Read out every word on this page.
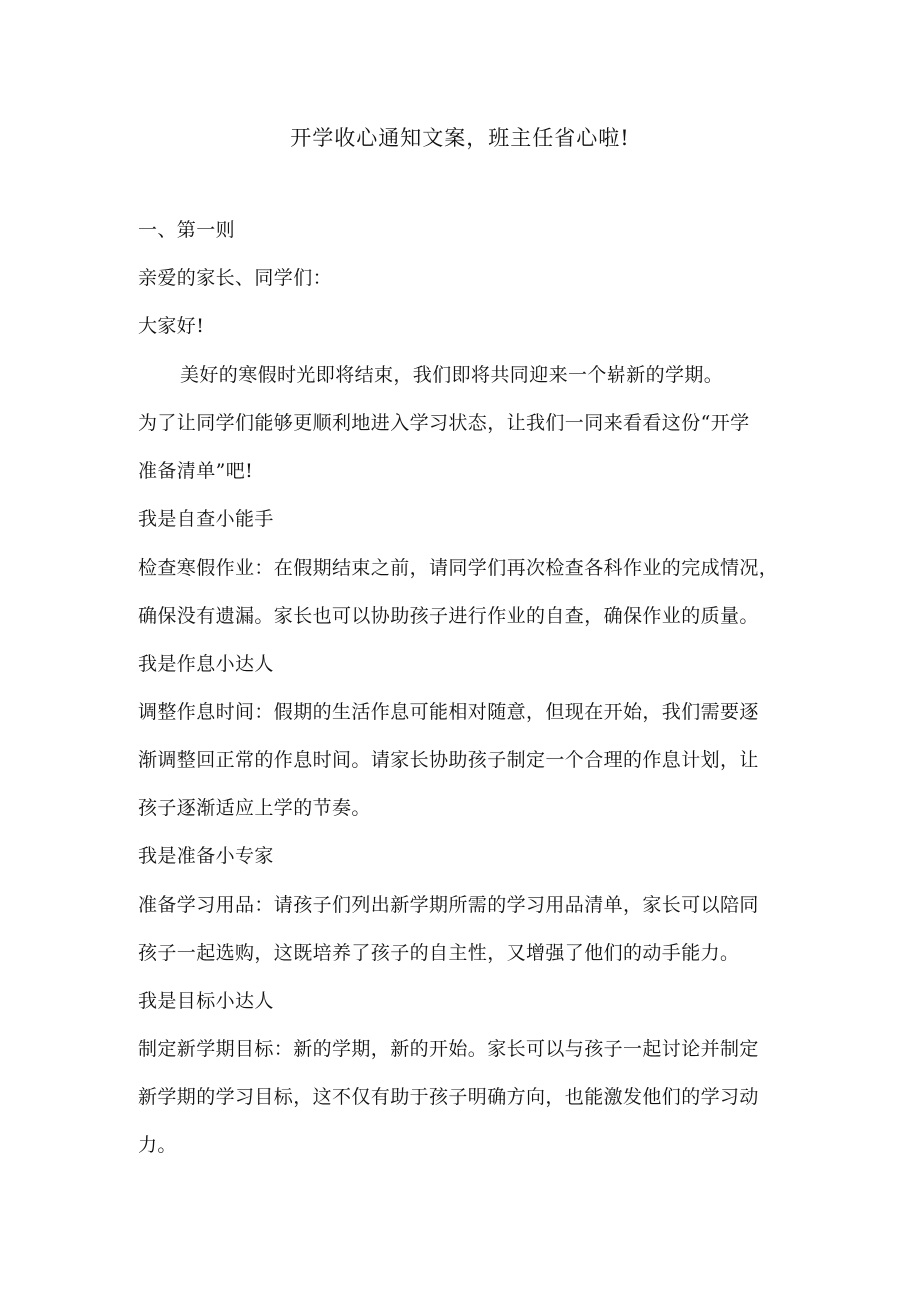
开学收心通知文案，班主任省心啦!
一、第一则
亲爱的家长、同学们：
大家好!
美好的寒假时光即将结束，我们即将共同迎来一个崭新的学期。
为了让同学们能够更顺利地进入学习状态，让我们一同来看看这份“开学
准备清单”吧!
我是自查小能手
检查寒假作业：在假期结束之前，请同学们再次检查各科作业的完成情况，
确保没有遗漏。家长也可以协助孩子进行作业的自查，确保作业的质量。
我是作息小达人
调整作息时间：假期的生活作息可能相对随意，但现在开始，我们需要逐
渐调整回正常的作息时间。请家长协助孩子制定一个合理的作息计划，让
孩子逐渐适应上学的节奏。
我是准备小专家
准备学习用品：请孩子们列出新学期所需的学习用品清单，家长可以陪同
孩子一起选购，这既培养了孩子的自主性，又增强了他们的动手能力。
我是目标小达人
制定新学期目标：新的学期，新的开始。家长可以与孩子一起讨论并制定
新学期的学习目标，这不仅有助于孩子明确方向，也能激发他们的学习动
力。
